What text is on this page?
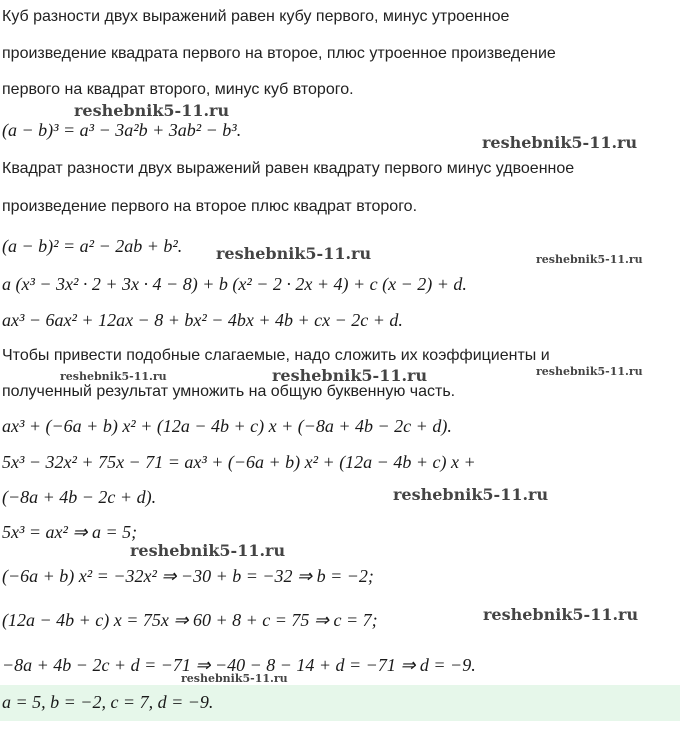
Куб разности двух выражений равен кубу первого, минус утроенное
произведение квадрата первого на второе, плюс утроенное произведение
первого на квадрат второго, минус куб второго.
(a − b)³ = a³ − 3a²b + 3ab² − b³.
Квадрат разности двух выражений равен квадрату первого минус удвоенное
произведение первого на второе плюс квадрат второго.
(a − b)² = a² − 2ab + b².
a (x³ − 3x² · 2 + 3x · 4 − 8) + b (x² − 2 · 2x + 4) + c (x − 2) + d.
ax³ − 6ax² + 12ax − 8 + bx² − 4bx + 4b + cx − 2c + d.
Чтобы привести подобные слагаемые, надо сложить их коэффициенты и
полученный результат умножить на общую буквенную часть.
ax³ + (−6a + b) x² + (12a − 4b + c) x + (−8a + 4b − 2c + d).
5x³ − 32x² + 75x − 71 = ax³ + (−6a + b) x² + (12a − 4b + c) x +
(−8a + 4b − 2c + d).
5x³ = ax² ⇒ a = 5;
(−6a + b) x² = −32x² ⇒ −30 + b = −32 ⇒ b = −2;
(12a − 4b + c) x = 75x ⇒ 60 + 8 + c = 75 ⇒ c = 7;
−8a + 4b − 2c + d = −71 ⇒ −40 − 8 − 14 + d = −71 ⇒ d = −9.
a = 5, b = −2, c = 7, d = −9.
reshebnik5-11.ru
reshebnik5-11.ru
reshebnik5-11.ru	reshebnik5-11.ru
reshebnik5-11.ru	reshebnik5-11.ru	reshebnik5-11.ru
reshebnik5-11.ru
reshebnik5-11.ru
reshebnik5-11.ru
reshebnik5-11.ru
